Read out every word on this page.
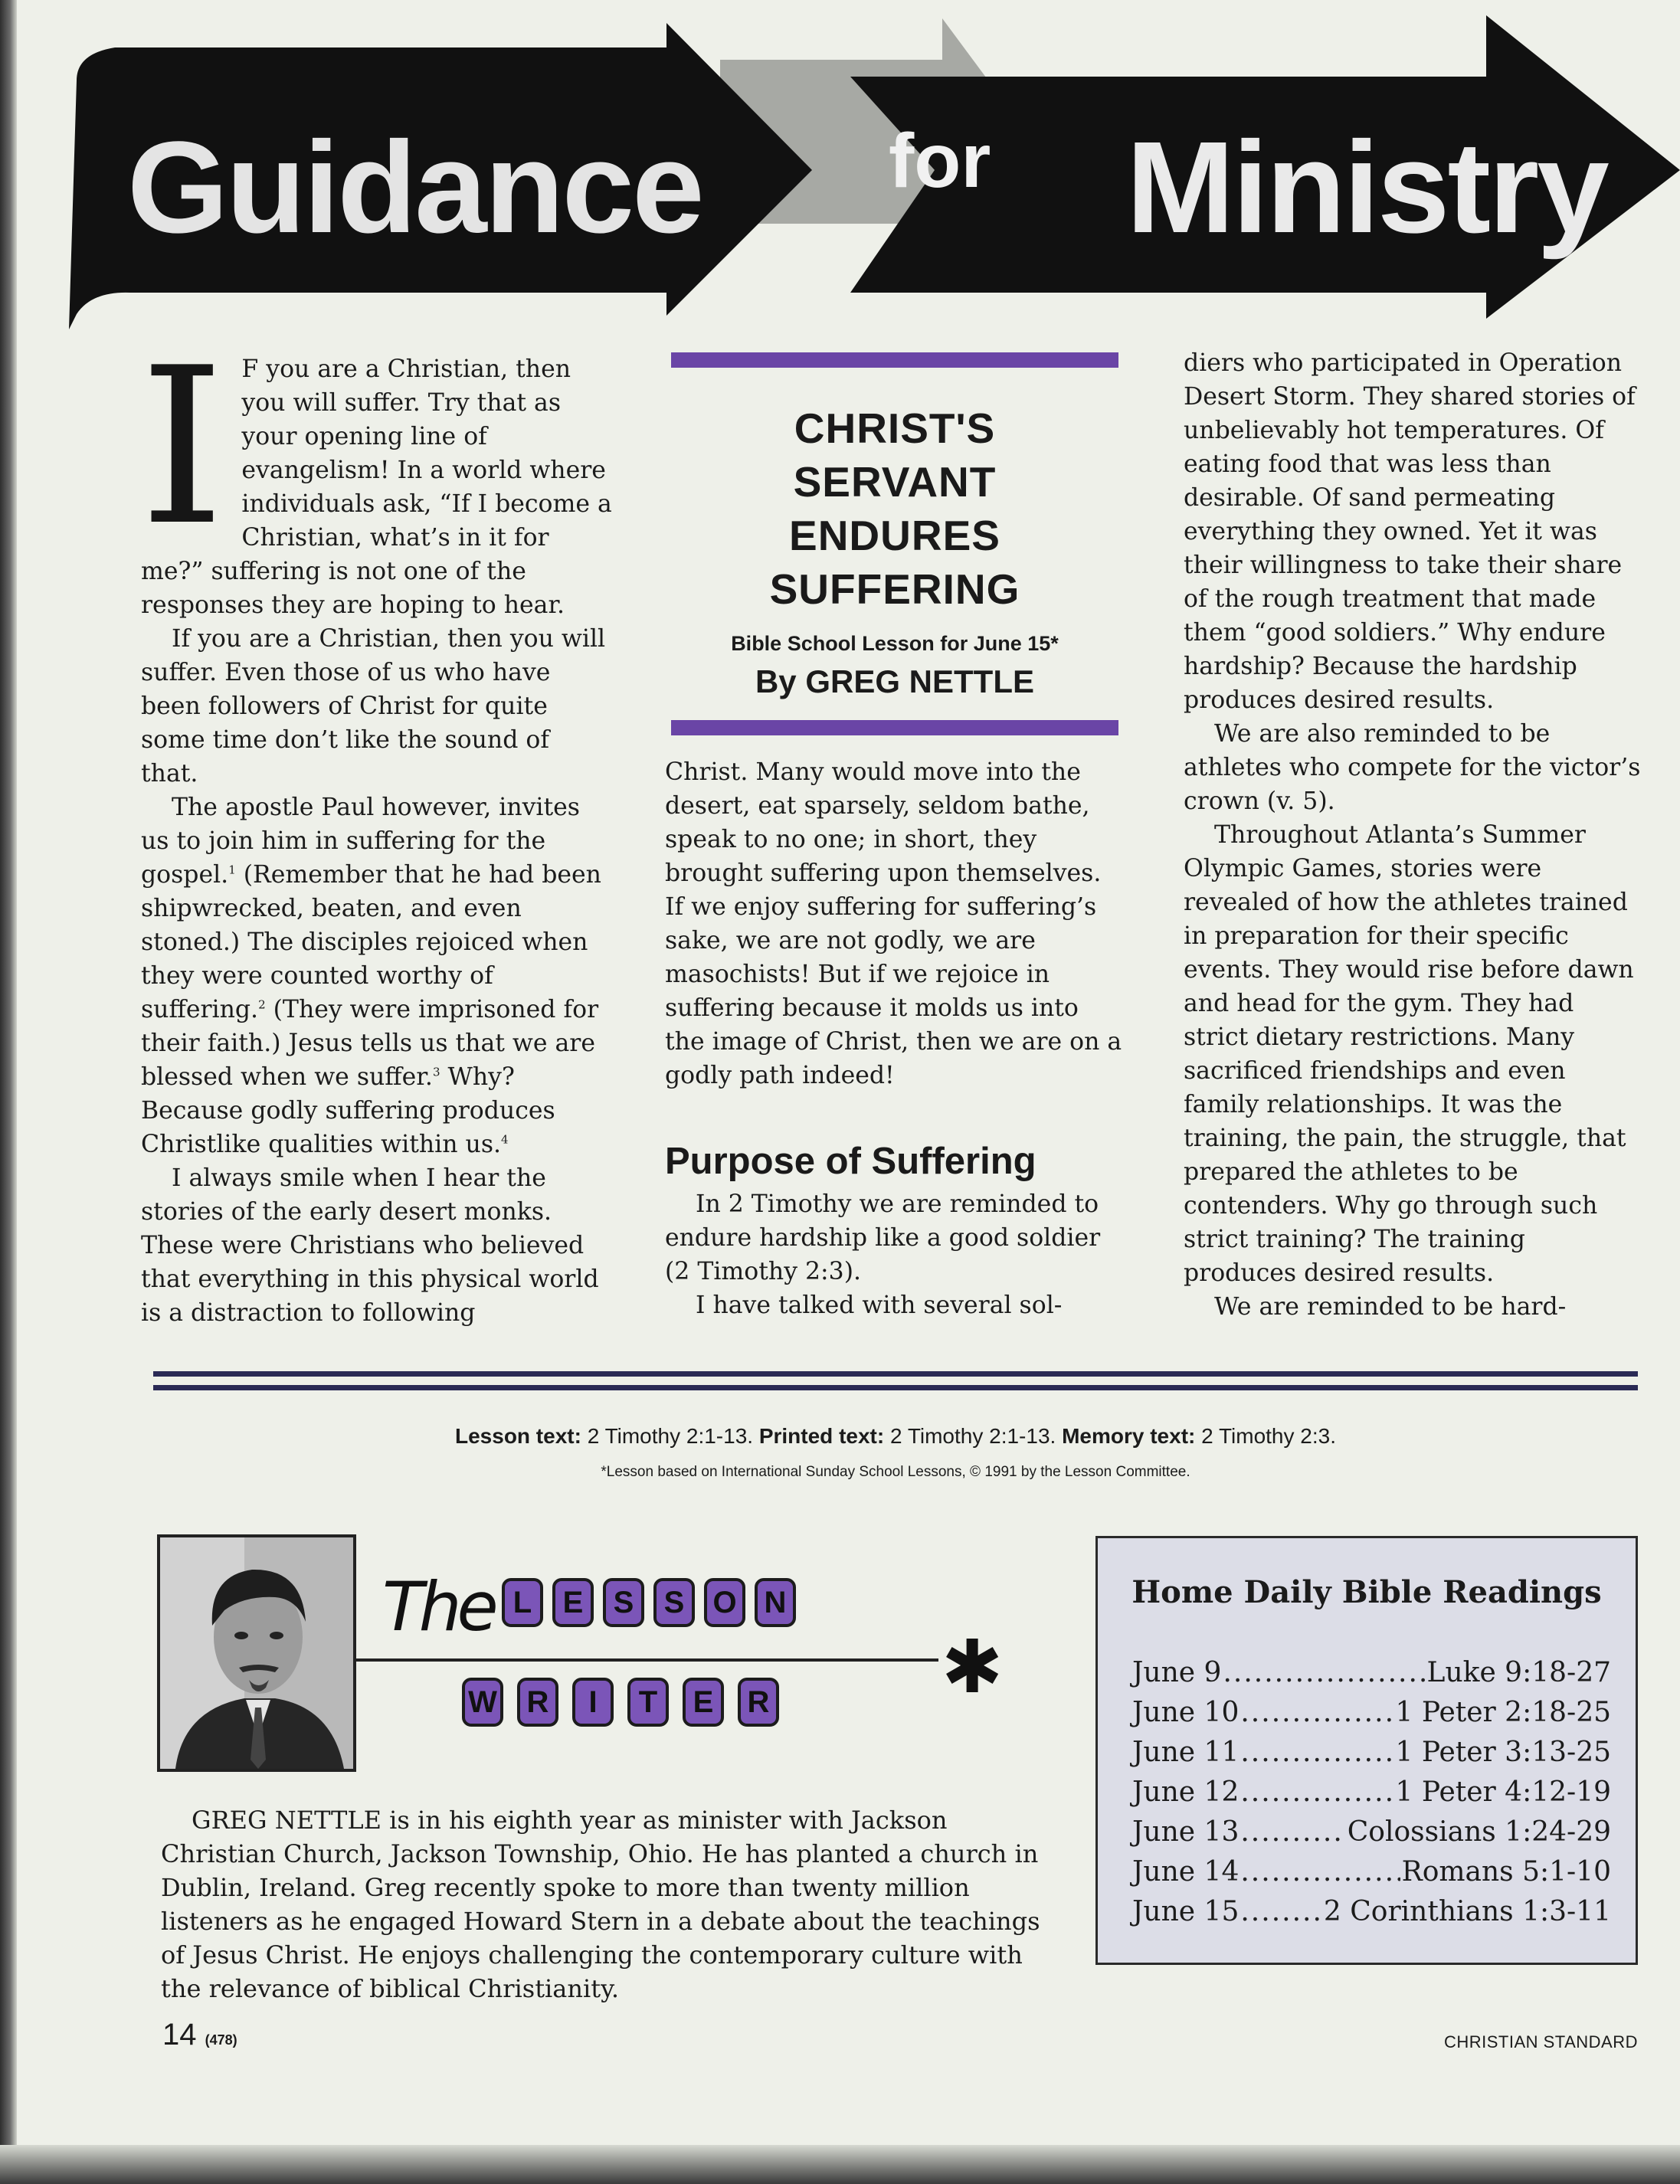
Guidance for Ministry

I F you are a Christian, then you will suffer. Try that as your opening line of evangelism! In a world where individuals ask, “If I become a Christian, what’s in it for me?” suffering is not one of the responses they are hoping to hear.

If you are a Christian, then you will suffer. Even those of us who have been followers of Christ for quite some time don’t like the sound of that.

The apostle Paul however, invites us to join him in suffering for the gospel.$^1$ (Remember that he had been shipwrecked, beaten, and even stoned.) The disciples rejoiced when they were counted worthy of suffering.$^2$ (They were imprisoned for their faith.) Jesus tells us that we are blessed when we suffer.$^3$ Why? Because godly suffering produces Christlike qualities within us.$^4$

I always smile when I hear the stories of the early desert monks. These were Christians who believed that everything in this physical world is a distraction to following

CHRIST'S
SERVANT
ENDURES
SUFFERING
Bible School Lesson for June 15*
By GREG NETTLE

Christ. Many would move into the desert, eat sparsely, seldom bathe, speak to no one; in short, they brought suffering upon themselves. If we enjoy suffering for suffering’s sake, we are not godly, we are masochists! But if we rejoice in suffering because it molds us into the image of Christ, then we are on a godly path indeed!

Purpose of Suffering

In 2 Timothy we are reminded to endure hardship like a good soldier (2 Timothy 2:3).

I have talked with several sol-

diers who participated in Operation Desert Storm. They shared stories of unbelievably hot temperatures. Of eating food that was less than desirable. Of sand permeating everything they owned. Yet it was their willingness to take their share of the rough treatment that made them “good soldiers.” Why endure hardship? Because the hardship produces desired results.

We are also reminded to be athletes who compete for the victor’s crown (v. 5).

Throughout Atlanta’s Summer Olympic Games, stories were revealed of how the athletes trained in preparation for their specific events. They would rise before dawn and head for the gym. They had strict dietary restrictions. Many sacrificed friendships and even family relationships. It was the training, the pain, the struggle, that prepared the athletes to be contenders. Why go through such strict training? The training produces desired results.

We are reminded to be hard-

Lesson text: 2 Timothy 2:1-13. Printed text: 2 Timothy 2:1-13. Memory text: 2 Timothy 2:3.
*Lesson based on International Sunday School Lessons, © 1991 by the Lesson Committee.
The L	E S S O N
W R	I	T	E	R ✱

GREG NETTLE is in his eighth year as minister with Jackson Christian Church, Jackson Township, Ohio. He has planted a church in Dublin, Ireland. Greg recently spoke to more than twenty million listeners as he engaged Howard Stern in a debate about the teachings of Jesus Christ. He enjoys challenging the contemporary culture with the relevance of biblical Christianity.

Home Daily Bible Readings
June 9 .....	Luke 9:18-27
June 10 .....	1 Peter 2:18-25
June 11 .....	1 Peter 3:13-25
June 12 .....	1 Peter 4:12-19
June 13 .....	Colossians 1:24-29
June 14 .....	Romans 5:1-10
June 15 .....	2 Corinthians 1:3-11
14 (478)	CHRISTIAN STANDARD
